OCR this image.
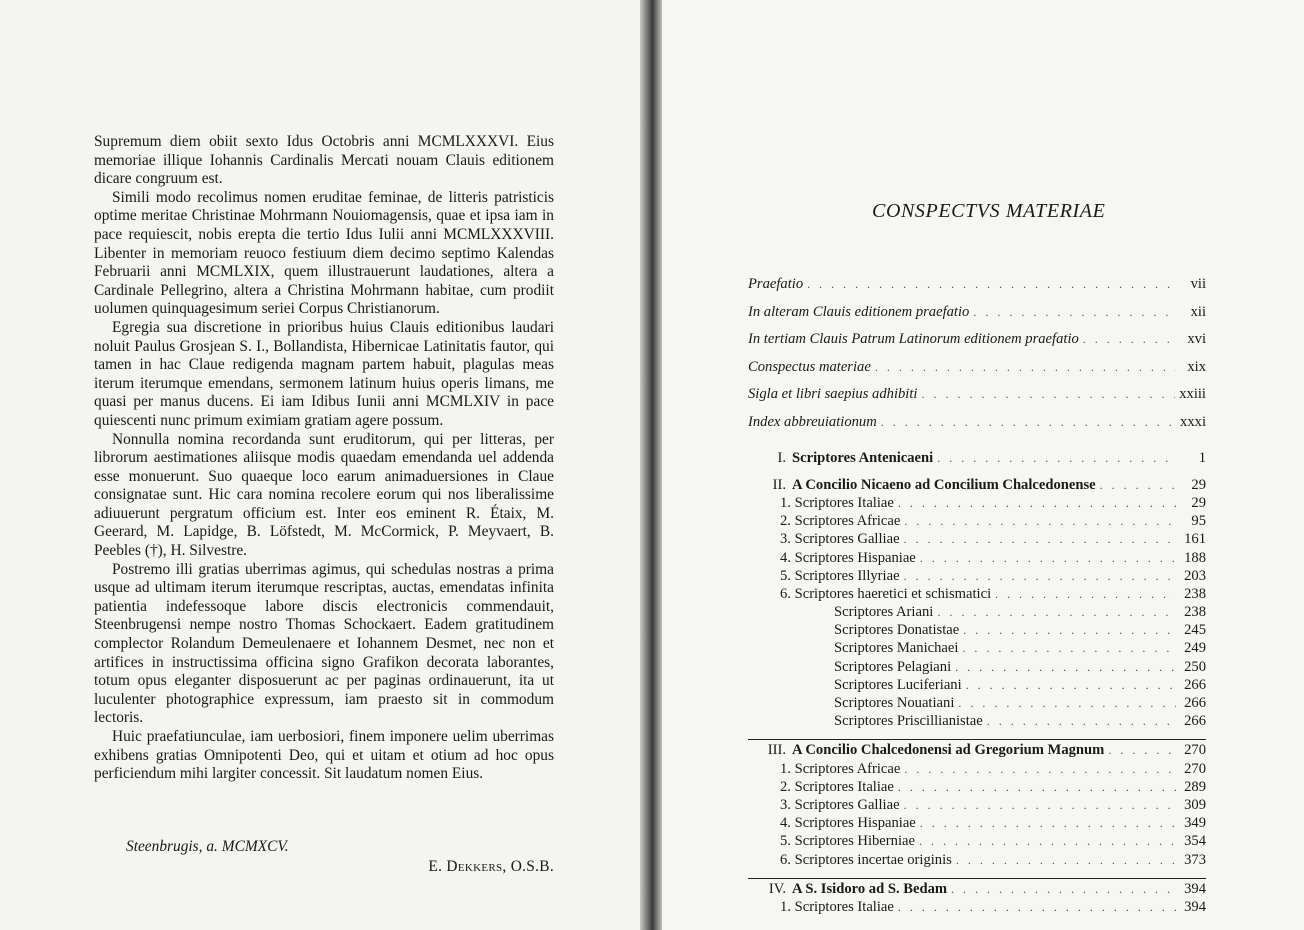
Supremum diem obiit sexto Idus Octobris anni MCMLXXXVI. Eius memoriae illique Iohannis Cardinalis Mercati nouam Clauis editionem dicare congruum est.

Simili modo recolimus nomen eruditae feminae, de litteris patristicis optime meritae Christinae Mohrmann Nouiomagensis, quae et ipsa iam in pace requiescit, nobis erepta die tertio Idus Iulii anni MCMLXXXVIII. Libenter in memoriam reuoco festiuum diem decimo septimo Kalendas Februarii anni MCMLXIX, quem illustrauerunt laudationes, altera a Cardinale Pellegrino, altera a Christina Mohrmann habitae, cum prodiit uolumen quinquagesimum seriei Corpus Christianorum.

Egregia sua discretione in prioribus huius Clauis editionibus laudari noluit Paulus Grosjean S. I., Bollandista, Hibernicae Latinitatis fautor, qui tamen in hac Claue redigenda magnam partem habuit, plagulas meas iterum iterumque emendans, sermonem latinum huius operis limans, me quasi per manus ducens. Ei iam Idibus Iunii anni MCMLXIV in pace quiescenti nunc primum eximiam gratiam agere possum.

Nonnulla nomina recordanda sunt eruditorum, qui per litteras, per librorum aestimationes aliisque modis quaedam emendanda uel addenda esse monuerunt. Suo quaeque loco earum animaduersiones in Claue consignatae sunt. Hic cara nomina recolere eorum qui nos liberalissime adiuuerunt pergratum officium est. Inter eos eminent R. Étaix, M. Geerard, M. Lapidge, B. Löfstedt, M. McCormick, P. Meyvaert, B. Peebles (†), H. Silvestre.

Postremo illi gratias uberrimas agimus, qui schedulas nostras a prima usque ad ultimam iterum iterumque rescriptas, auctas, emendatas infinita patientia indefessoque labore discis electronicis commendauit, Steenbrugensi nempe nostro Thomas Schockaert. Eadem gratitudinem complector Rolandum Demeulenaere et Iohannem Desmet, nec non et artifices in instructissima officina signo Grafikon decorata laborantes, totum opus eleganter disposuerunt ac per paginas ordinauerunt, ita ut luculenter photographice expressum, iam praesto sit in commodum lectoris.

Huic praefatiunculae, iam uerbosiori, finem imponere uelim uberrimas exhibens gratias Omnipotenti Deo, qui et uitam et otium ad hoc opus perficiendum mihi largiter concessit. Sit laudatum nomen Eius.

Steenbrugis, a. MCMXCV.
E. Dekkers, O.S.B.
CONSPECTVS MATERIAE
Praefatio . . .	vii
In alteram Clauis editionem praefatio . . .	xii
In tertiam Clauis Patrum Latinorum editionem praefatio . . .	xvi
Conspectus materiae . . .	xix
Sigla et libri saepius adhibiti . . .	xxiii
Index abbreuiationum . . .	xxxi
I. Scriptores Antenicaeni . . .	1
II. A Concilio Nicaeno ad Concilium Chalcedonense . . .	29
1. Scriptores Italiae . . .	29
2. Scriptores Africae . . .	95
3. Scriptores Galliae . . .	161
4. Scriptores Hispaniae . . .	188
5. Scriptores Illyriae . . .	203
6. Scriptores haeretici et schismatici . . .	238
Scriptores Ariani . . .	238
Scriptores Donatistae . . .	245
Scriptores Manichaei . . .	249
Scriptores Pelagiani . . .	250
Scriptores Luciferiani . . .	266
Scriptores Nouatiani . . .	266
Scriptores Priscillianistae . . .	266
III. A Concilio Chalcedonensi ad Gregorium Magnum . . .	270
1. Scriptores Africae . . .	270
2. Scriptores Italiae . . .	289
3. Scriptores Galliae . . .	309
4. Scriptores Hispaniae . . .	349
5. Scriptores Hiberniae . . .	354
6. Scriptores incertae originis . . .	373
IV. A S. Isidoro ad S. Bedam . . .	394
1. Scriptores Italiae . . .	394
